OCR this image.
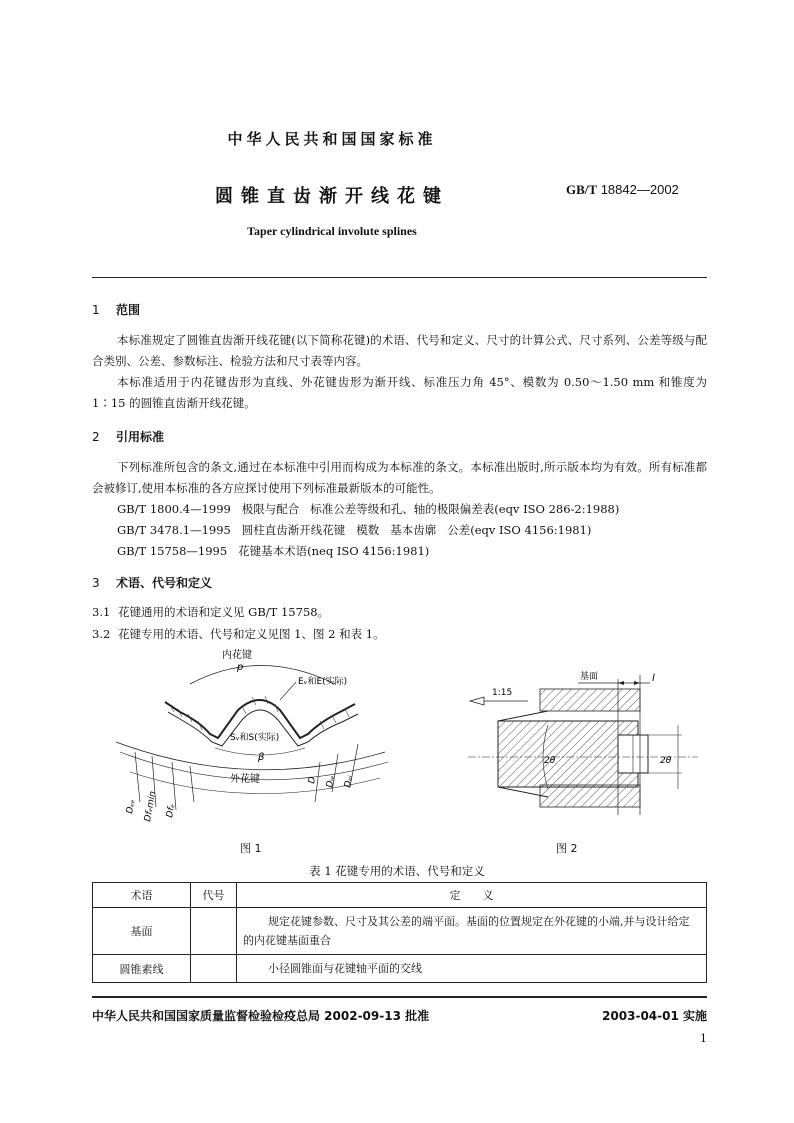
中华人民共和国国家标准
圆锥直齿渐开线花键	GB/T 18842—2002
Taper cylindrical involute splines
1 范围
本标准规定了圆锥直齿渐开线花键(以下简称花键)的术语、代号和定义、尺寸的计算公式、尺寸系列、公差等级与配合类别、公差、参数标注、检验方法和尺寸表等内容。
本标准适用于内花键齿形为直线、外花键齿形为渐开线、标准压力角 45°、模数为 0.50～1.50 mm 和锥度为 1∶15 的圆锥直齿渐开线花键。
2 引用标准
下列标准所包含的条文,通过在本标准中引用而构成为本标准的条文。本标准出版时,所示版本均为有效。所有标准都会被修订,使用本标准的各方应探讨使用下列标准最新版本的可能性。
GB/T 1800.4—1999   极限与配合   标准公差等级和孔、轴的极限偏差表(eqv ISO 286-2:1988)
GB/T 3478.1—1995   圆柱直齿渐开线花键   模数   基本齿廓   公差(eqv ISO 4156:1981)
GB/T 15758—1995   花键基本术语(neq ISO 4156:1981)
3 术语、代号和定义
3.1 花键通用的术语和定义见 GB/T 15758。
3.2 花键专用的术语、代号和定义见图 1、图 2 和表 1。
内花键
p
Eᵥ和E(实际)
Sᵥ和S(实际)
β
外花键
Dₑₑ Dfₑmin Dfₑ
D Dᵢₑ Dₑᵢ
图 1
1:15
基面	l
2θ	2θ
图 2
表 1 花键专用的术语、代号和定义
术语	代号	定　　义
基面		规定花键参数、尺寸及其公差的端平面。基面的位置规定在外花键的小端,并与设计给定的内花键基面重合
圆锥素线		小径圆锥面与花键轴平面的交线
中华人民共和国国家质量监督检验检疫总局 2002-09-13 批准	2003-04-01 实施
1
